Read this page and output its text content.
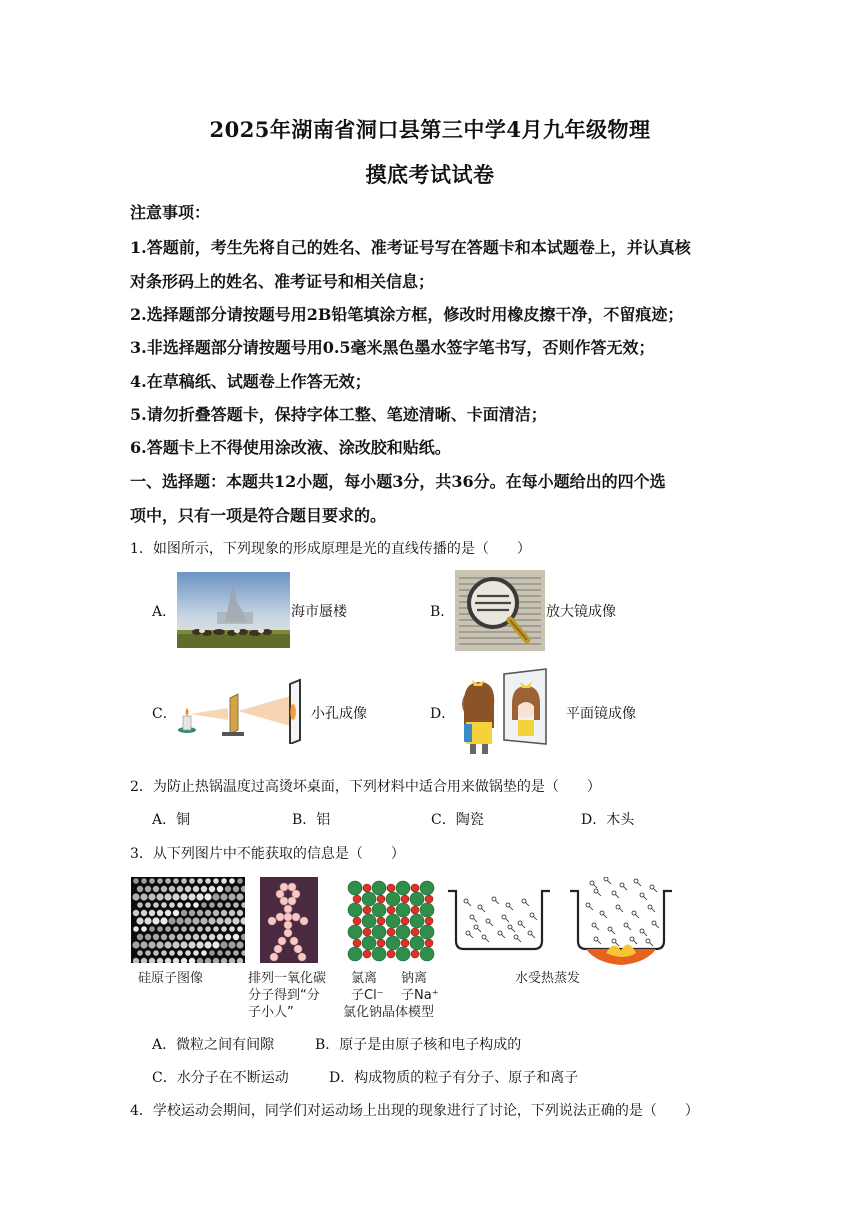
2025年湖南省洞口县第三中学4月九年级物理
摸底考试试卷
注意事项：
1.答题前，考生先将自己的姓名、准考证号写在答题卡和本试题卷上，并认真核
对条形码上的姓名、准考证号和相关信息；
2.选择题部分请按题号用2B铅笔填涂方框，修改时用橡皮擦干净，不留痕迹；
3.非选择题部分请按题号用0.5毫米黑色墨水签字笔书写，否则作答无效；
4.在草稿纸、试题卷上作答无效；
5.请勿折叠答题卡，保持字体工整、笔迹清晰、卡面清洁；
6.答题卡上不得使用涂改液、涂改胶和贴纸。
一、选择题：本题共12小题，每小题3分，共36分。在每小题给出的四个选
项中，只有一项是符合题目要求的。
1．如图所示，下列现象的形成原理是光的直线传播的是（　　）
A．	海市蜃楼	B．	放大镜成像
C．	小孔成像	D．	平面镜成像
2．为防止热锅温度过高烫坏桌面，下列材料中适合用来做锅垫的是（　　）
A．铜	B．铝	C．陶瓷	D．木头
3．从下列图片中不能获取的信息是（　　）
硅原子图像	排列一氧化碳
分子得到“分
子小人”
氯离
子Cl⁻
钠离
子Na⁺
氯化钠晶体模型
水受热蒸发
A．微粒之间有间隙	B．原子是由原子核和电子构成的
C．水分子在不断运动	D．构成物质的粒子有分子、原子和离子
4．学校运动会期间，同学们对运动场上出现的现象进行了讨论，下列说法正确的是（　　）
